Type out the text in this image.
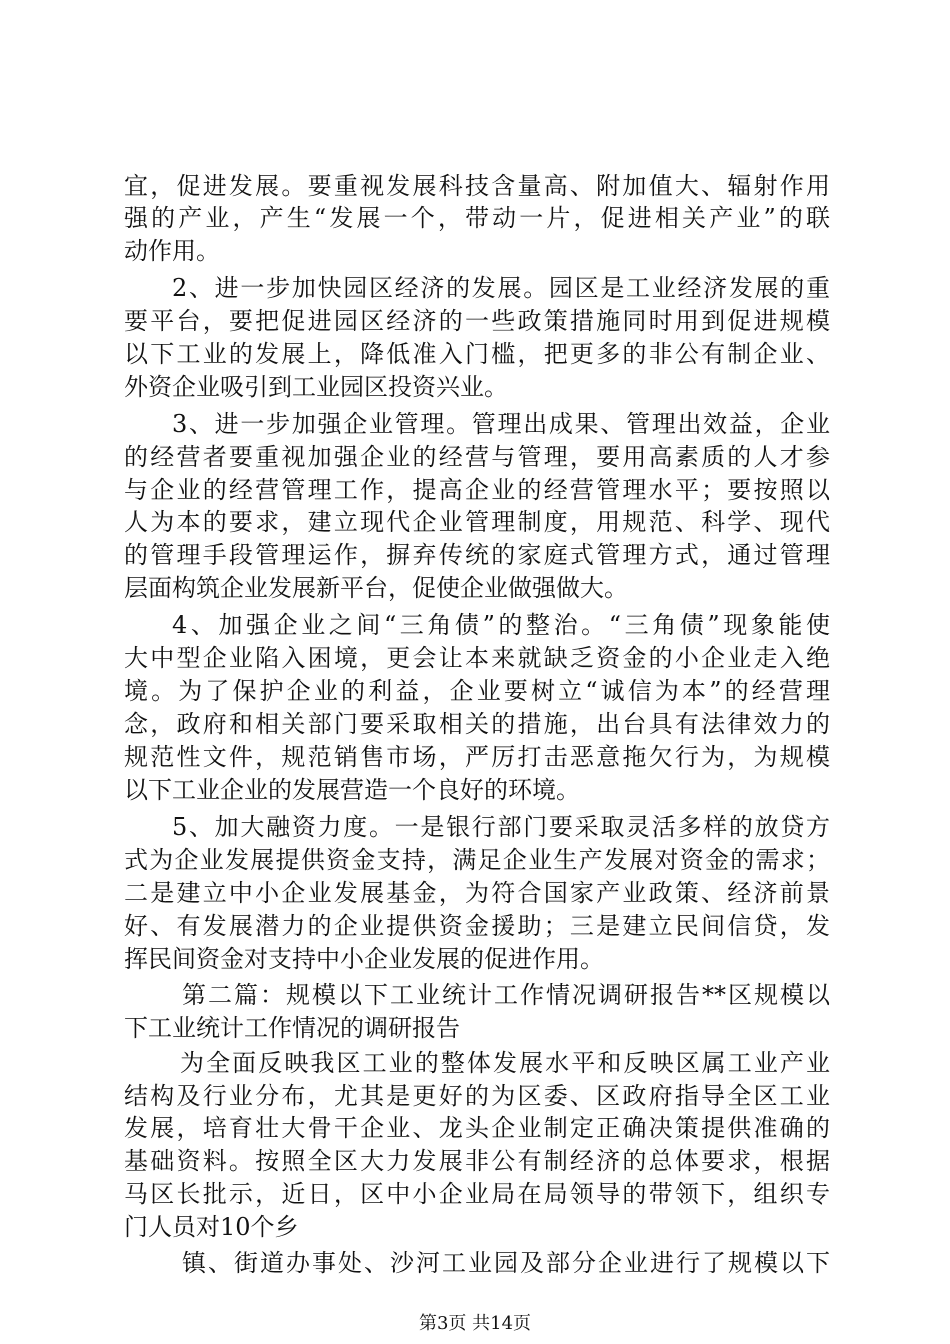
宜，促进发展。要重视发展科技含量高、附加值大、辐射作用
强的产业，产生“发展一个，带动一片，促进相关产业”的联
动作用。
2、进一步加快园区经济的发展。园区是工业经济发展的重
要平台，要把促进园区经济的一些政策措施同时用到促进规模
以下工业的发展上，降低准入门槛，把更多的非公有制企业、
外资企业吸引到工业园区投资兴业。
3、进一步加强企业管理。管理出成果、管理出效益，企业
的经营者要重视加强企业的经营与管理，要用高素质的人才参
与企业的经营管理工作，提高企业的经营管理水平；要按照以
人为本的要求，建立现代企业管理制度，用规范、科学、现代
的管理手段管理运作，摒弃传统的家庭式管理方式，通过管理
层面构筑企业发展新平台，促使企业做强做大。
4、加强企业之间“三角债”的整治。“三角债”现象能使
大中型企业陷入困境，更会让本来就缺乏资金的小企业走入绝
境。为了保护企业的利益，企业要树立“诚信为本”的经营理
念，政府和相关部门要采取相关的措施，出台具有法律效力的
规范性文件，规范销售市场，严厉打击恶意拖欠行为，为规模
以下工业企业的发展营造一个良好的环境。
5、加大融资力度。一是银行部门要采取灵活多样的放贷方
式为企业发展提供资金支持，满足企业生产发展对资金的需求；
二是建立中小企业发展基金，为符合国家产业政策、经济前景
好、有发展潜力的企业提供资金援助；三是建立民间信贷，发
挥民间资金对支持中小企业发展的促进作用。
第二篇：规模以下工业统计工作情况调研报告**区规模以
下工业统计工作情况的调研报告
为全面反映我区工业的整体发展水平和反映区属工业产业
结构及行业分布，尤其是更好的为区委、区政府指导全区工业
发展，培育壮大骨干企业、龙头企业制定正确决策提供准确的
基础资料。按照全区大力发展非公有制经济的总体要求，根据
马区长批示，近日，区中小企业局在局领导的带领下，组织专
门人员对10个乡
镇、街道办事处、沙河工业园及部分企业进行了规模以下
第3页 共14页
